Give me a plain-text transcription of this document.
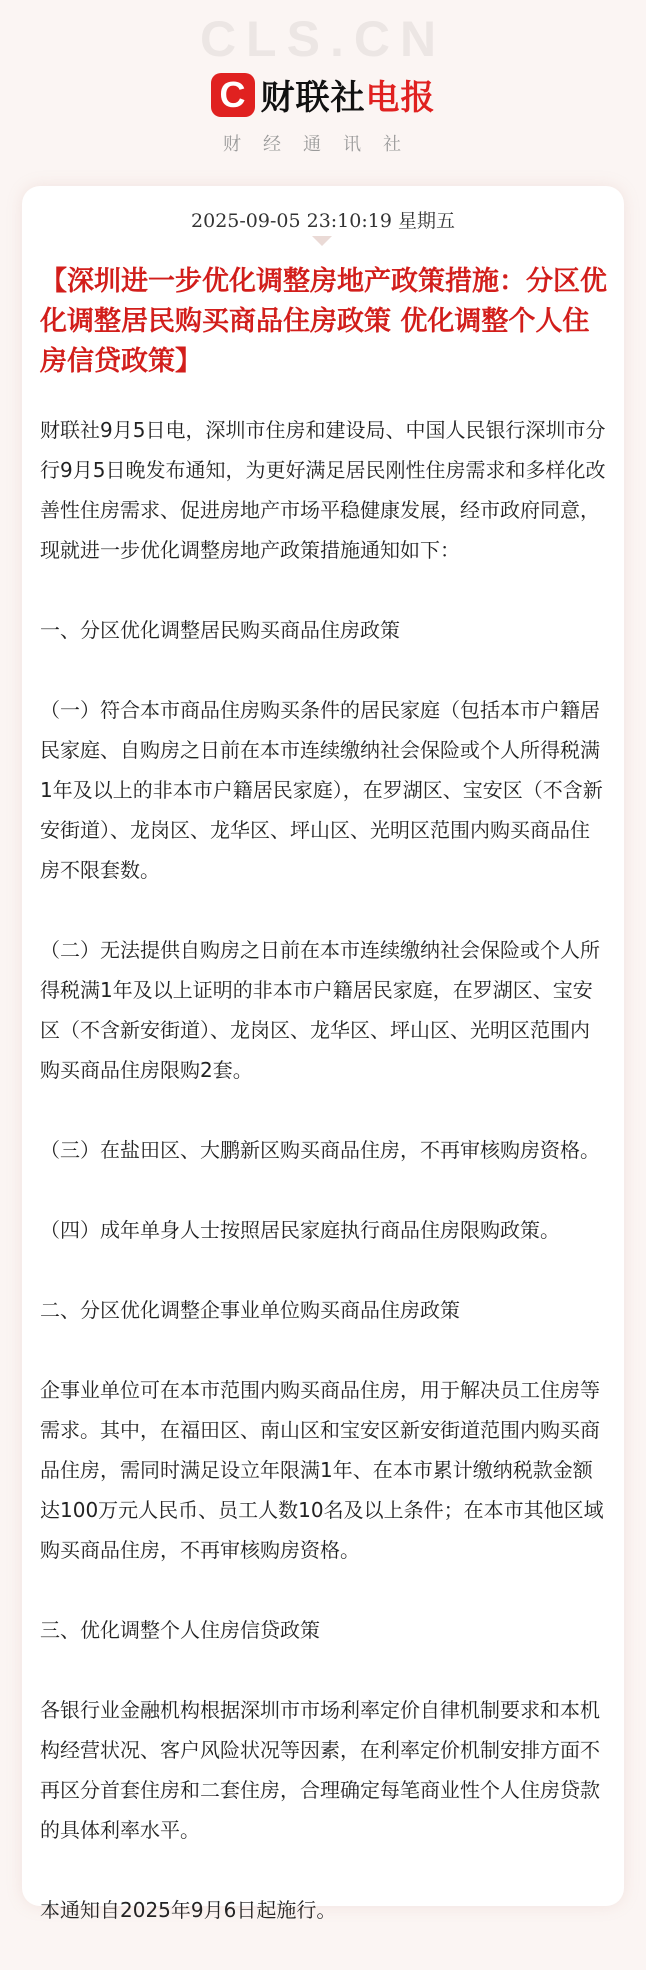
CLS.CN
C 财联社电报
财经通讯社
2025-09-05 23:10:19 星期五
【深圳进一步优化调整房地产政策措施：分区优化调整居民购买商品住房政策 优化调整个人住房信贷政策】

财联社9月5日电，深圳市住房和建设局、中国人民银行深圳市分行9月5日晚发布通知，为更好满足居民刚性住房需求和多样化改善性住房需求、促进房地产市场平稳健康发展，经市政府同意，现就进一步优化调整房地产政策措施通知如下：

一、分区优化调整居民购买商品住房政策

（一）符合本市商品住房购买条件的居民家庭（包括本市户籍居民家庭、自购房之日前在本市连续缴纳社会保险或个人所得税满1年及以上的非本市户籍居民家庭），在罗湖区、宝安区（不含新安街道）、龙岗区、龙华区、坪山区、光明区范围内购买商品住房不限套数。

（二）无法提供自购房之日前在本市连续缴纳社会保险或个人所得税满1年及以上证明的非本市户籍居民家庭，在罗湖区、宝安区（不含新安街道）、龙岗区、龙华区、坪山区、光明区范围内购买商品住房限购2套。

（三）在盐田区、大鹏新区购买商品住房，不再审核购房资格。

（四）成年单身人士按照居民家庭执行商品住房限购政策。

二、分区优化调整企事业单位购买商品住房政策

企事业单位可在本市范围内购买商品住房，用于解决员工住房等需求。其中，在福田区、南山区和宝安区新安街道范围内购买商品住房，需同时满足设立年限满1年、在本市累计缴纳税款金额达100万元人民币、员工人数10名及以上条件；在本市其他区域购买商品住房，不再审核购房资格。

三、优化调整个人住房信贷政策

各银行业金融机构根据深圳市市场利率定价自律机制要求和本机构经营状况、客户风险状况等因素，在利率定价机制安排方面不再区分首套住房和二套住房，合理确定每笔商业性个人住房贷款的具体利率水平。

本通知自2025年9月6日起施行。
